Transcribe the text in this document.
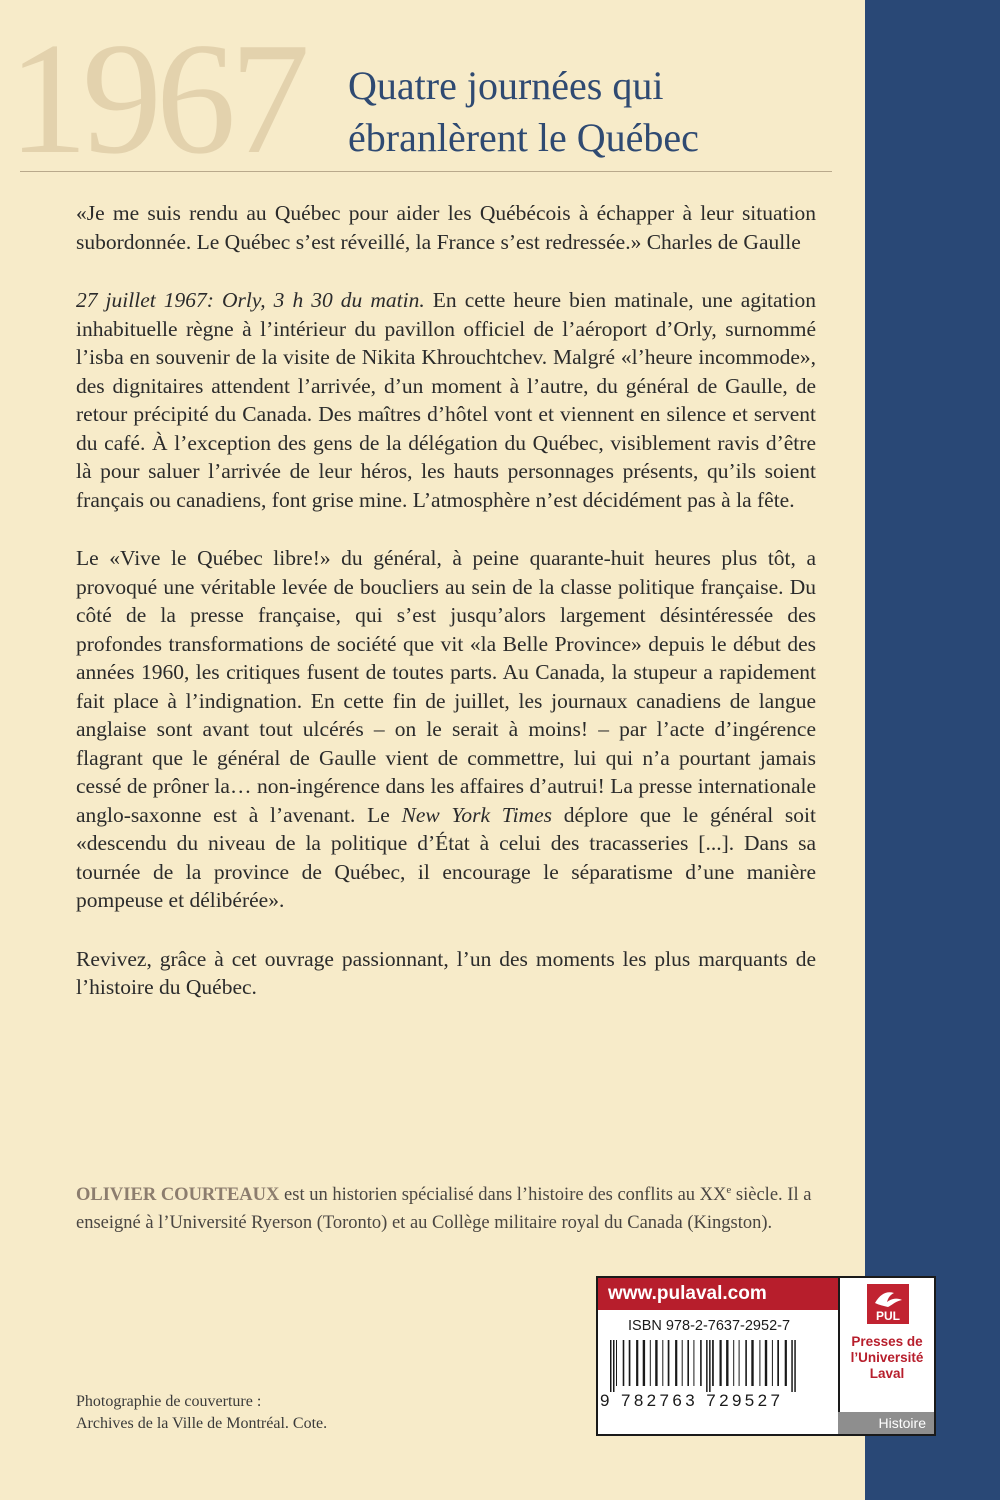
1967 Quatre journées qui
ébranlèrent le Québec

«Je me suis rendu au Québec pour aider les Québécois à échapper à leur situation subordonnée. Le Québec s’est réveillé, la France s’est redressée.» Charles de Gaulle

27 juillet 1967: Orly, 3 h 30 du matin. En cette heure bien matinale, une agitation inhabituelle règne à l’intérieur du pavillon officiel de l’aéroport d’Orly, surnommé l’isba en souvenir de la visite de Nikita Khrouchtchev. Malgré «l’heure incommode», des dignitaires attendent l’arrivée, d’un moment à l’autre, du général de Gaulle, de retour précipité du Canada. Des maîtres d’hôtel vont et viennent en silence et servent du café. À l’exception des gens de la délégation du Québec, visiblement ravis d’être là pour saluer l’arrivée de leur héros, les hauts personnages présents, qu’ils soient français ou canadiens, font grise mine. L’atmosphère n’est décidément pas à la fête.

Le «Vive le Québec libre!» du général, à peine quarante-huit heures plus tôt, a provoqué une véritable levée de boucliers au sein de la classe politique française. Du côté de la presse française, qui s’est jusqu’alors largement désintéressée des profondes transformations de société que vit «la Belle Province» depuis le début des années 1960, les critiques fusent de toutes parts. Au Canada, la stupeur a rapidement fait place à l’indignation. En cette fin de juillet, les journaux canadiens de langue anglaise sont avant tout ulcérés – on le serait à moins! – par l’acte d’ingérence flagrant que le général de Gaulle vient de commettre, lui qui n’a pourtant jamais cessé de prôner la… non-ingérence dans les affaires d’autrui! La presse internationale anglo-saxonne est à l’avenant. Le New York Times déplore que le général soit «descendu du niveau de la politique d’État à celui des tracasseries [...]. Dans sa tournée de la province de Québec, il encourage le séparatisme d’une manière pompeuse et délibérée».

Revivez, grâce à cet ouvrage passionnant, l’un des moments les plus marquants de l’histoire du Québec.

OLIVIER COURTEAUX est un historien spécialisé dans l’histoire des conflits au XXe siècle. Il a enseigné à l’Université Ryerson (Toronto) et au Collège militaire royal du Canada (Kingston).
Photographie de couverture :
Archives de la Ville de Montréal. Cote.
www.pulaval.com
ISBN 978-2-7637-2952-7
9 782763 729527
PUL
Presses de
l’Université
Laval
Histoire
